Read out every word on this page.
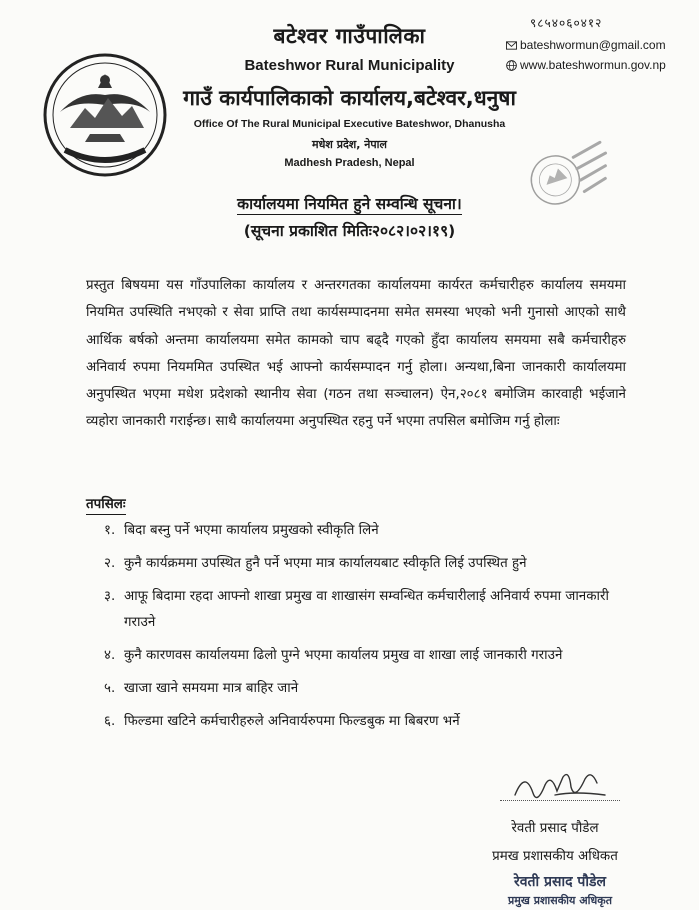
बटेश्वर गाउँपालिका
Bateshwor Rural Municipality
गाउँ कार्यपालिकाको कार्यालय,बटेश्वर,धनुषा
Office Of The Rural Municipal Executive Bateshwor, Dhanusha
मधेश प्रदेश, नेपाल
Madhesh Pradesh, Nepal
९८५४०६०४१२
bateshwormun@gmail.com
www.bateshwormun.gov.np
कार्यालयमा नियमित हुने सम्वन्धि सूचना।
(सूचना प्रकाशित मितिः२०८२।०२।१९)
प्रस्तुत बिषयमा यस गाँउपालिका कार्यालय र अन्तरगतका कार्यालयमा कार्यरत कर्मचारीहरु कार्यालय समयमा नियमित उपस्थिति नभएको र सेवा प्राप्ति तथा कार्यसम्पादनमा समेत समस्या भएको भनी गुनासो आएको साथै आर्थिक बर्षको अन्तमा कार्यालयमा समेत कामको चाप बढ्दै गएको हुँदा कार्यालय समयमा सबै कर्मचारीहरु अनिवार्य रुपमा नियममित उपस्थित भई आफ्नो कार्यसम्पादन गर्नु होला। अन्यथा,बिना जानकारी कार्यालयमा अनुपस्थित भएमा मधेश प्रदेशको स्थानीय सेवा (गठन तथा सञ्चालन) ऐन,२०८१ बमोजिम कारवाही भईजाने व्यहोरा जानकारी गराईन्छ। साथै कार्यालयमा अनुपस्थित रहनु पर्ने भएमा तपसिल बमोजिम गर्नु होलाः
तपसिलः
१. बिदा बस्नु पर्ने भएमा कार्यालय प्रमुखको स्वीकृति लिने
२. कुनै कार्यक्रममा उपस्थित हुनै पर्ने भएमा मात्र कार्यालयबाट स्वीकृति लिई उपस्थित हुने
३. आफू बिदामा रहदा आफ्नो शाखा प्रमुख वा शाखासंग सम्वन्धित कर्मचारीलाई अनिवार्य रुपमा जानकारी गराउने
४. कुनै कारणवस कार्यालयमा ढिलो पुग्ने भएमा कार्यालय प्रमुख वा शाखा लाई जानकारी गराउने
५. खाजा खाने समयमा मात्र बाहिर जाने
६. फिल्डमा खटिने कर्मचारीहरुले अनिवार्यरुपमा फिल्डबुक मा बिबरण भर्ने
रेवती प्रसाद पौडेल
प्रमख प्रशासकीय अधिकत
रेवती प्रसाद पौडेल
प्रमुख प्रशासकीय अधिकृत
